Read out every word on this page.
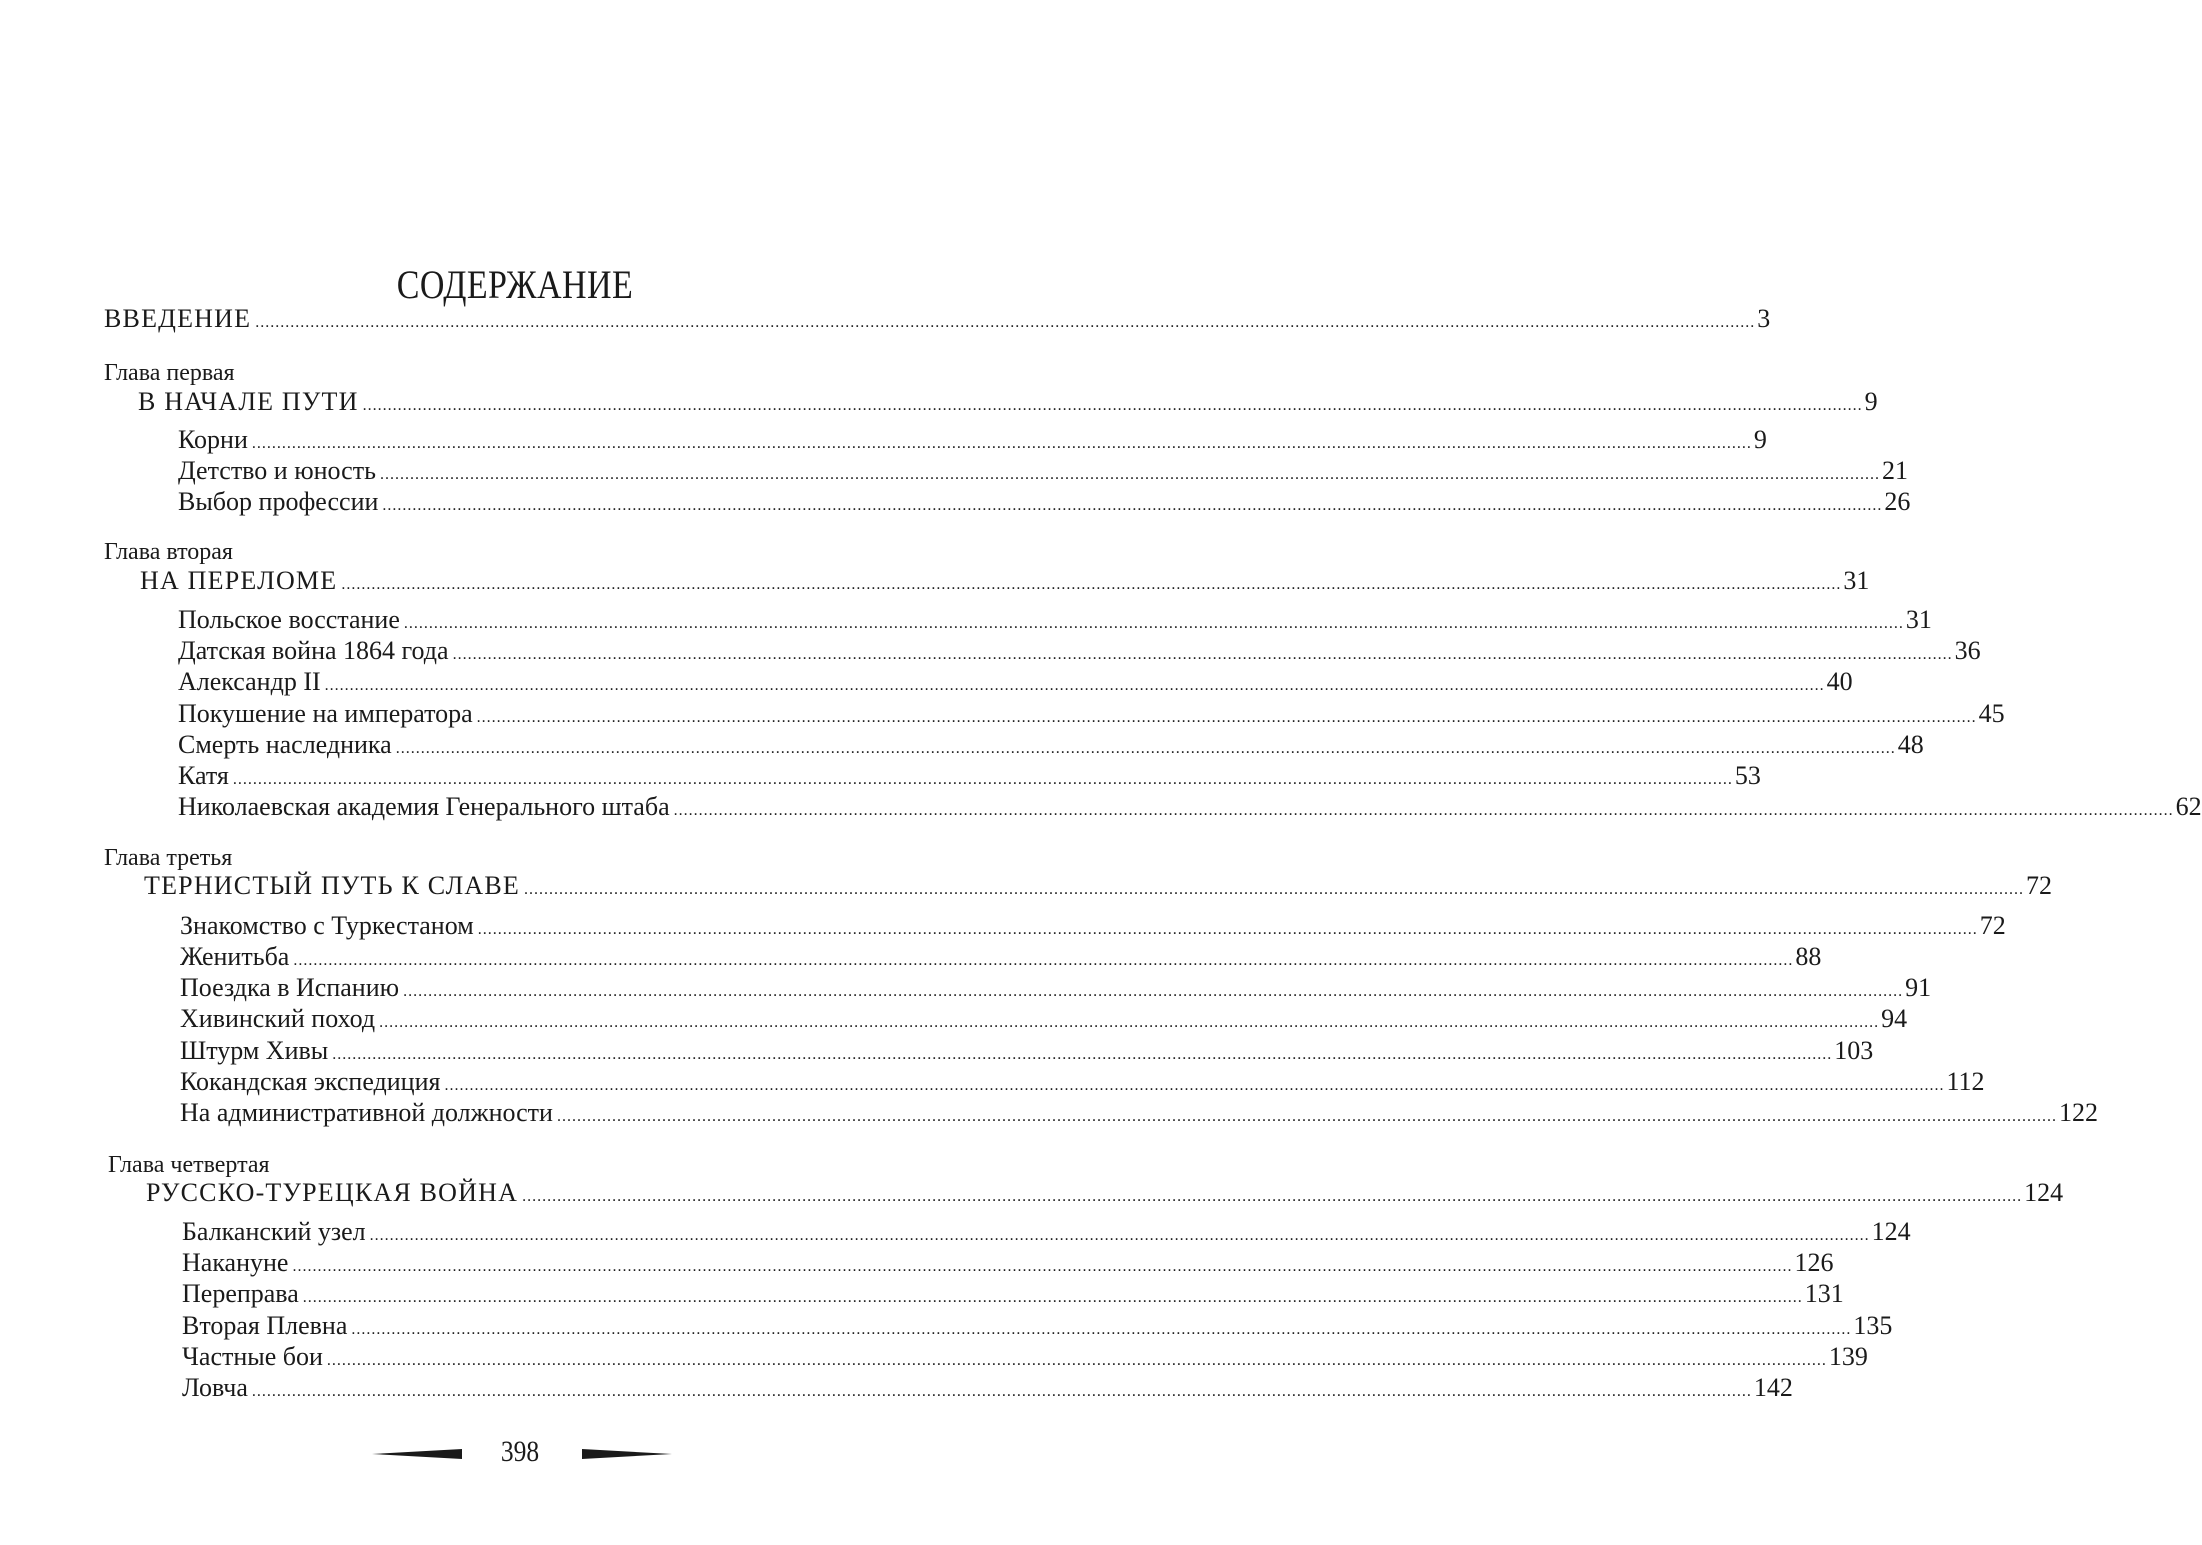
СОДЕРЖАНИЕ
ВВЕДЕНИЕ ............................................................................................................................................................................................................................................................................................................ 3
Глава первая
В НАЧАЛЕ ПУТИ ............................................................................................................................................................................................................................................................................................................ 9
Корни ............................................................................................................................................................................................................................................................................................................ 9
Детство и юность ............................................................................................................................................................................................................................................................................................................ 21
Выбор профессии ............................................................................................................................................................................................................................................................................................................ 26
Глава вторая
НА ПЕРЕЛОМЕ ............................................................................................................................................................................................................................................................................................................ 31
Польское восстание ............................................................................................................................................................................................................................................................................................................ 31
Датская война 1864 года ............................................................................................................................................................................................................................................................................................................ 36
Александр II ............................................................................................................................................................................................................................................................................................................ 40
Покушение на императора ............................................................................................................................................................................................................................................................................................................ 45
Смерть наследника ............................................................................................................................................................................................................................................................................................................ 48
Катя ............................................................................................................................................................................................................................................................................................................ 53
Николаевская академия Генерального штаба ............................................................................................................................................................................................................................................................................................................ 62
Глава третья
ТЕРНИСТЫЙ ПУТЬ К СЛАВЕ ............................................................................................................................................................................................................................................................................................................ 72
Знакомство с Туркестаном ............................................................................................................................................................................................................................................................................................................ 72
Женитьба ............................................................................................................................................................................................................................................................................................................ 88
Поездка в Испанию ............................................................................................................................................................................................................................................................................................................ 91
Хивинский поход ............................................................................................................................................................................................................................................................................................................ 94
Штурм Хивы ............................................................................................................................................................................................................................................................................................................ 103
Кокандская экспедиция ............................................................................................................................................................................................................................................................................................................ 112
На административной должности ............................................................................................................................................................................................................................................................................................................ 122
Глава четвертая
РУССКО-ТУРЕЦКАЯ ВОЙНА ............................................................................................................................................................................................................................................................................................................ 124
Балканский узел ............................................................................................................................................................................................................................................................................................................ 124
Накануне ............................................................................................................................................................................................................................................................................................................ 126
Переправа ............................................................................................................................................................................................................................................................................................................ 131
Вторая Плевна ............................................................................................................................................................................................................................................................................................................ 135
Частные бои ............................................................................................................................................................................................................................................................................................................ 139
Ловча ............................................................................................................................................................................................................................................................................................................ 142
398
